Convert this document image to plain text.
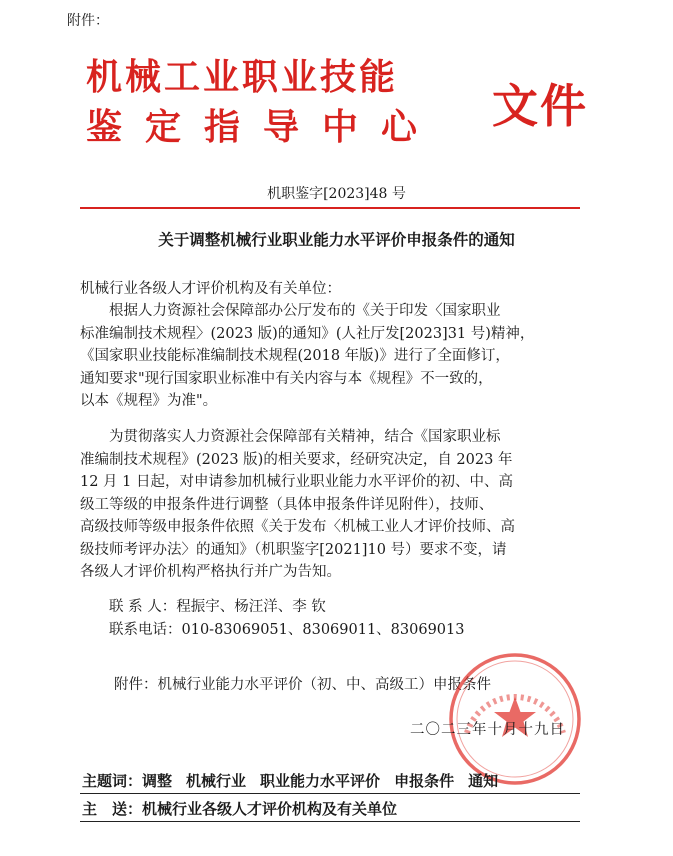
附件：
机械工业职业技能
鉴定指导中心 文件
机职鉴字[2023]48 号
关于调整机械行业职业能力水平评价申报条件的通知
机械行业各级人才评价机构及有关单位：
根据人力资源社会保障部办公厅发布的《关于印发〈国家职业
标准编制技术规程〉(2023 版)的通知》(人社厅发[2023]31 号)精神，
《国家职业技能标准编制技术规程(2018 年版)》进行了全面修订，
通知要求"现行国家职业标准中有关内容与本《规程》不一致的，
以本《规程》为准"。
为贯彻落实人力资源社会保障部有关精神，结合《国家职业标
准编制技术规程》(2023 版)的相关要求，经研究决定，自 2023 年
12 月 1 日起，对申请参加机械行业职业能力水平评价的初、中、高
级工等级的申报条件进行调整（具体申报条件详见附件），技师、
高级技师等级申报条件依照《关于发布〈机械工业人才评价技师、高
级技师考评办法〉的通知》（机职鉴字[2021]10 号）要求不变，请
各级人才评价机构严格执行并广为告知。
联 系 人：程振宇、杨汪洋、李 钦
联系电话：010-83069051、83069011、83069013
附件：机械行业能力水平评价（初、中、高级工）申报条件
二〇二三年十月十九日
主题词：调整 机械行业 职业能力水平评价 申报条件 通知
主　送：机械行业各级人才评价机构及有关单位
